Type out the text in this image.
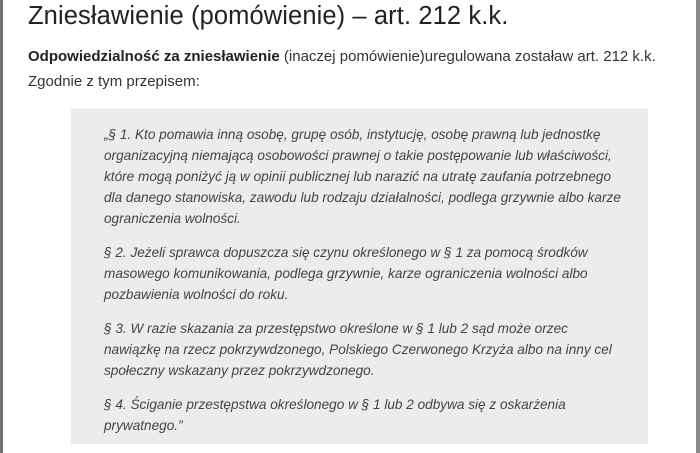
Zniesławienie (pomówienie) – art. 212 k.k.
Odpowiedzialność za zniesławienie (inaczej pomówienie)uregulowana zostaław art. 212 k.k.
Zgodnie z tym przepisem:

„§ 1. Kto pomawia inną osobę, grupę osób, instytucję, osobę prawną lub jednostkę organizacyjną niemającą osobowości prawnej o takie postępowanie lub właściwości, które mogą poniżyć ją w opinii publicznej lub narazić na utratę zaufania potrzebnego dla danego stanowiska, zawodu lub rodzaju działalności, podlega grzywnie albo karze ograniczenia wolności.

§ 2. Jeżeli sprawca dopuszcza się czynu określonego w § 1 za pomocą środków masowego komunikowania, podlega grzywnie, karze ograniczenia wolności albo pozbawienia wolności do roku.

§ 3. W razie skazania za przestępstwo określone w § 1 lub 2 sąd może orzec nawiązkę na rzecz pokrzywdzonego, Polskiego Czerwonego Krzyża albo na inny cel społeczny wskazany przez pokrzywdzonego.

§ 4. Ściganie przestępstwa określonego w § 1 lub 2 odbywa się z oskarżenia prywatnego.”
